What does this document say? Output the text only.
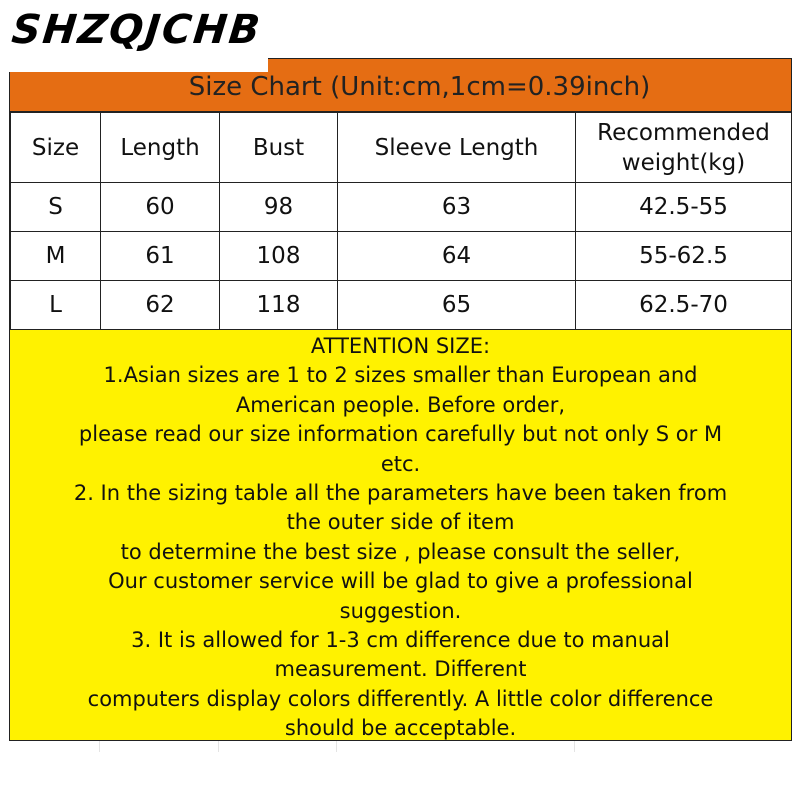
SHZQJCHB
Size Chart (Unit:cm,1cm=0.39inch)
Size	Length	Bust	Sleeve Length	Recommended
weight(kg)
S	60	98	63	42.5-55
M	61	108	64	55-62.5
L	62	118	65	62.5-70
ATTENTION SIZE:
1.Asian sizes are 1 to 2 sizes smaller than European and
American people. Before order,
please read our size information carefully but not only S or M
etc.
2. In the sizing table all the parameters have been taken from
the outer side of item
to determine the best size , please consult the seller,
Our customer service will be glad to give a professional
suggestion.
3. It is allowed for 1-3 cm difference due to manual
measurement. Different
computers display colors differently. A little color difference
should be acceptable.
